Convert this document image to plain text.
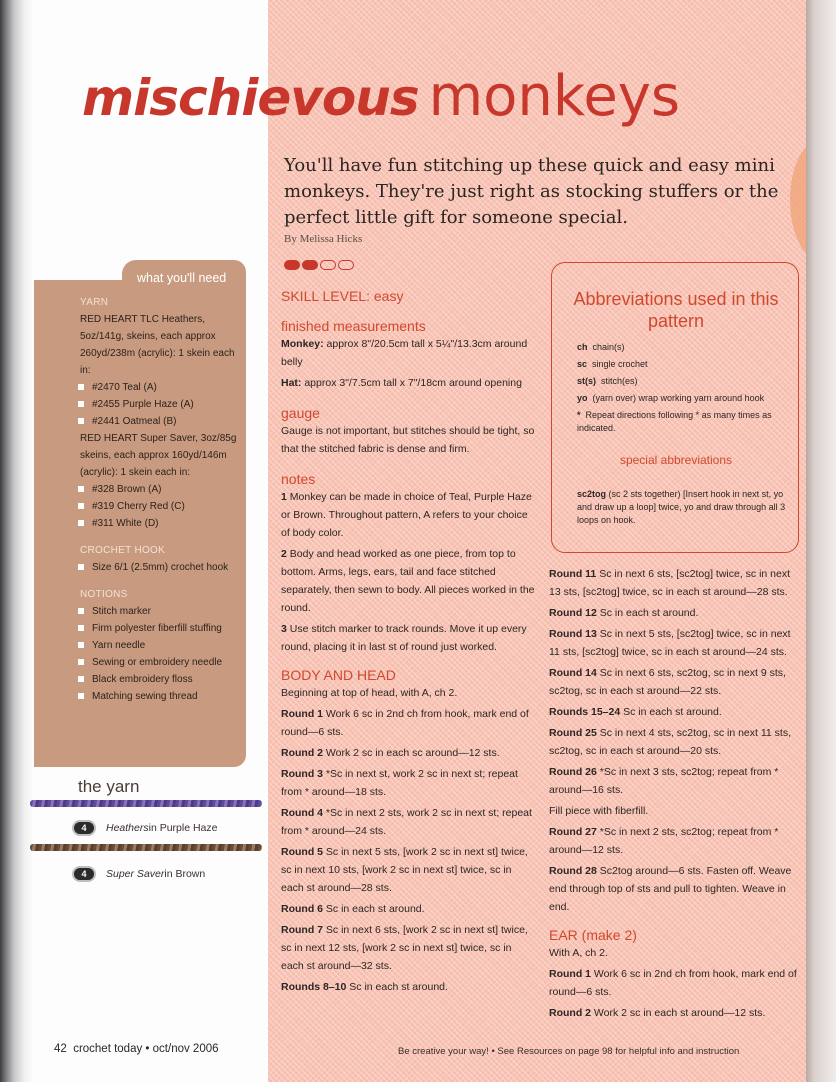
mischievous monkeys
You'll have fun stitching up these quick and easy mini monkeys. They're just right as stocking stuffers or the perfect little gift for someone special.
By Melissa Hicks
SKILL LEVEL: easy
finished measurements

Monkey: approx 8"/20.5cm tall x 5¼"/13.3cm around belly

Hat: approx 3"/7.5cm tall x 7"/18cm around opening

gauge

Gauge is not important, but stitches should be tight, so that the stitched fabric is dense and firm.

notes

1 Monkey can be made in choice of Teal, Purple Haze or Brown. Throughout pattern, A refers to your choice of body color.

2 Body and head worked as one piece, from top to bottom. Arms, legs, ears, tail and face stitched separately, then sewn to body. All pieces worked in the round.

3 Use stitch marker to track rounds. Move it up every round, placing it in last st of round just worked.

BODY AND HEAD

Beginning at top of head, with A, ch 2.

Round 1 Work 6 sc in 2nd ch from hook, mark end of round—6 sts.

Round 2 Work 2 sc in each sc around—12 sts.

Round 3 *Sc in next st, work 2 sc in next st; repeat from * around—18 sts.

Round 4 *Sc in next 2 sts, work 2 sc in next st; repeat from * around—24 sts.

Round 5 Sc in next 5 sts, [work 2 sc in next st] twice, sc in next 10 sts, [work 2 sc in next st] twice, sc in each st around—28 sts.

Round 6 Sc in each st around.

Round 7 Sc in next 6 sts, [work 2 sc in next st] twice, sc in next 12 sts, [work 2 sc in next st] twice, sc in each st around—32 sts.

Rounds 8–10 Sc in each st around.

Abbreviations used in this pattern
ch chain(s)
sc single crochet
st(s) stitch(es)
yo (yarn over) wrap working yarn around hook
* Repeat directions following * as many times as indicated.
special abbreviations
sc2tog (sc 2 sts together) [Insert hook in next st, yo and draw up a loop] twice, yo and draw through all 3 loops on hook.

Round 11 Sc in next 6 sts, [sc2tog] twice, sc in next 13 sts, [sc2tog] twice, sc in each st around—28 sts.

Round 12 Sc in each st around.

Round 13 Sc in next 5 sts, [sc2tog] twice, sc in next 11 sts, [sc2tog] twice, sc in each st around—24 sts.

Round 14 Sc in next 6 sts, sc2tog, sc in next 9 sts, sc2tog, sc in each st around—22 sts.

Rounds 15–24 Sc in each st around.

Round 25 Sc in next 4 sts, sc2tog, sc in next 11 sts, sc2tog, sc in each st around—20 sts.

Round 26 *Sc in next 3 sts, sc2tog; repeat from * around—16 sts.

Fill piece with fiberfill.

Round 27 *Sc in next 2 sts, sc2tog; repeat from * around—12 sts.

Round 28 Sc2tog around—6 sts. Fasten off. Weave end through top of sts and pull to tighten. Weave in end.

EAR (make 2)

With A, ch 2.

Round 1 Work 6 sc in 2nd ch from hook, mark end of round—6 sts.

Round 2 Work 2 sc in each st around—12 sts.

what you'll need
YARN
RED HEART TLC Heathers, 5oz/141g, skeins, each approx 260yd/238m (acrylic): 1 skein each in:
#2470 Teal (A)
#2455 Purple Haze (A)
#2441 Oatmeal (B)
RED HEART Super Saver, 3oz/85g skeins, each approx 160yd/146m (acrylic): 1 skein each in:
#328 Brown (A)
#319 Cherry Red (C)
#311 White (D)
CROCHET HOOK
Size 6/1 (2.5mm) crochet hook
NOTIONS
Stitch marker
Firm polyester fiberfill stuffing
Yarn needle
Sewing or embroidery needle
Black embroidery floss
Matching sewing thread
the yarn
4	Heathers in Purple Haze
4	Super Saver in Brown
42 crochet today • oct/nov 2006	Be creative your way! • See Resources on page 98 for helpful info and instruction
